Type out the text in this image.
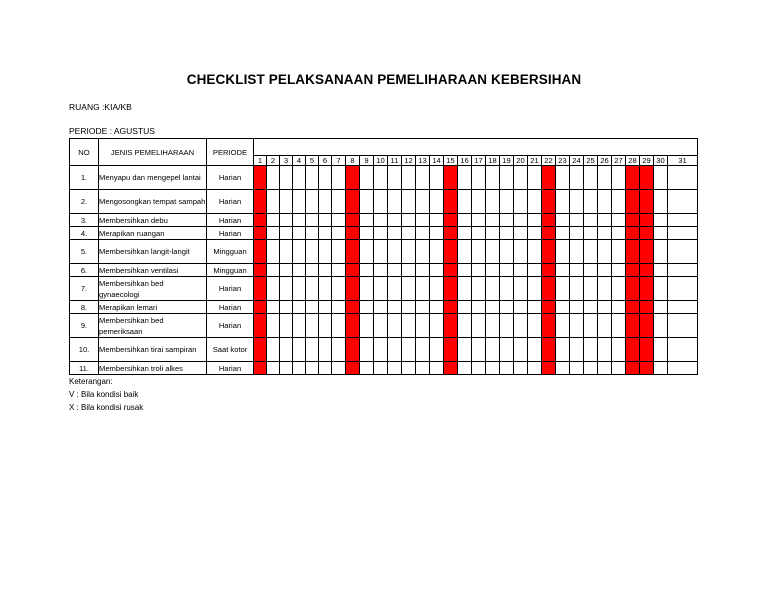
CHECKLIST PELAKSANAAN PEMELIHARAAN KEBERSIHAN
RUANG :KIA/KB
PERIODE : AGUSTUS
NO	JENIS PEMELIHARAAN	PERIODE																															
			1	2	3	4	5	6	7	8	9	10	11	12	13	14	15	16	17	18	19	20	21	22	23	24	25	26	27	28	29	30	31
1.	Menyapu dan mengepel lantai	Harian																															
2.	Mengosongkan tempat sampah	Harian																															
3.	Membersihkan debu	Harian																															
4.	Merapikan ruangan	Harian																															
5.	Membersihkan langit-langit	Mingguan																															
6.	Membersihkan ventilasi	Mingguan																															
7.	Membersihkan bed gynaecologi	Harian																															
8.	Merapikan lemari	Harian																															
9.	Membersihkan bed pemeriksaan	Harian																															
10.	Membersihkan tirai sampiran	Saat kotor																															
11.	Membersihkan troli alkes	Harian																															
Keterangan:
V : Bila kondisi baik
X : Bila kondisi rusak
